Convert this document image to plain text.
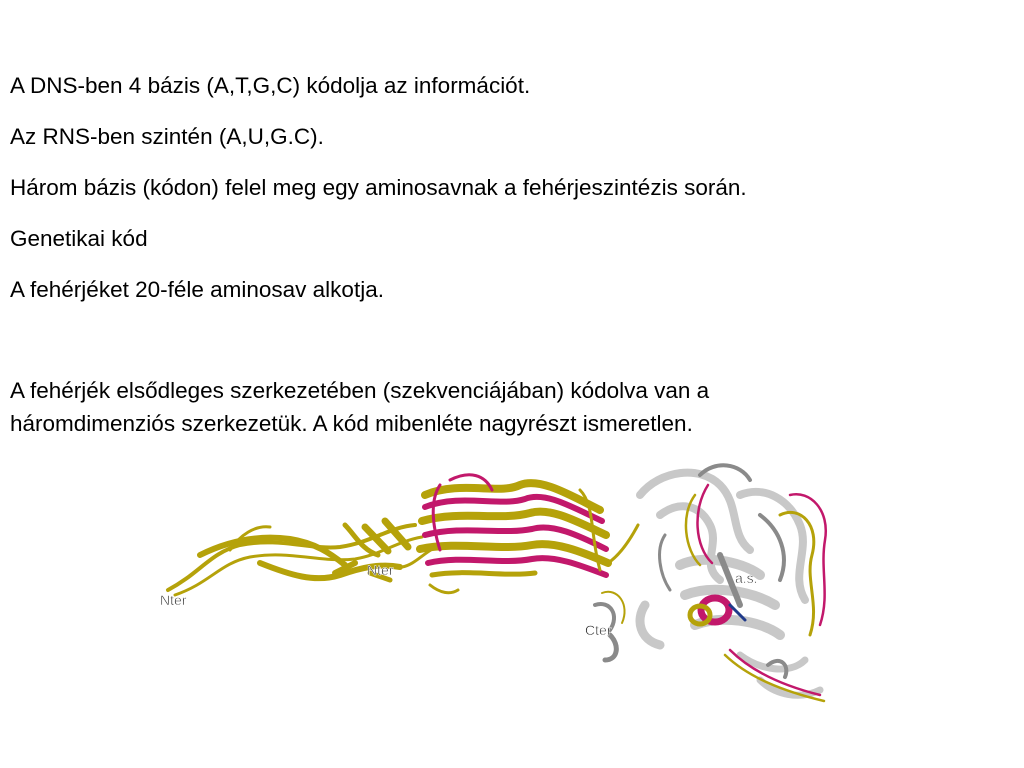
A DNS-ben 4 bázis (A,T,G,C) kódolja az információt.
Az RNS-ben szintén (A,U,G.C).
Három bázis (kódon) felel meg egy aminosavnak a fehérjeszintézis során.
Genetikai kód
A fehérjéket 20-féle aminosav alkotja.
A fehérjék elsődleges szerkezetében (szekvenciájában) kódolva van a
háromdimenziós szerkezetük. A kód mibenléte nagyrészt ismeretlen.
Nter
Nter	a.s.
Cter
